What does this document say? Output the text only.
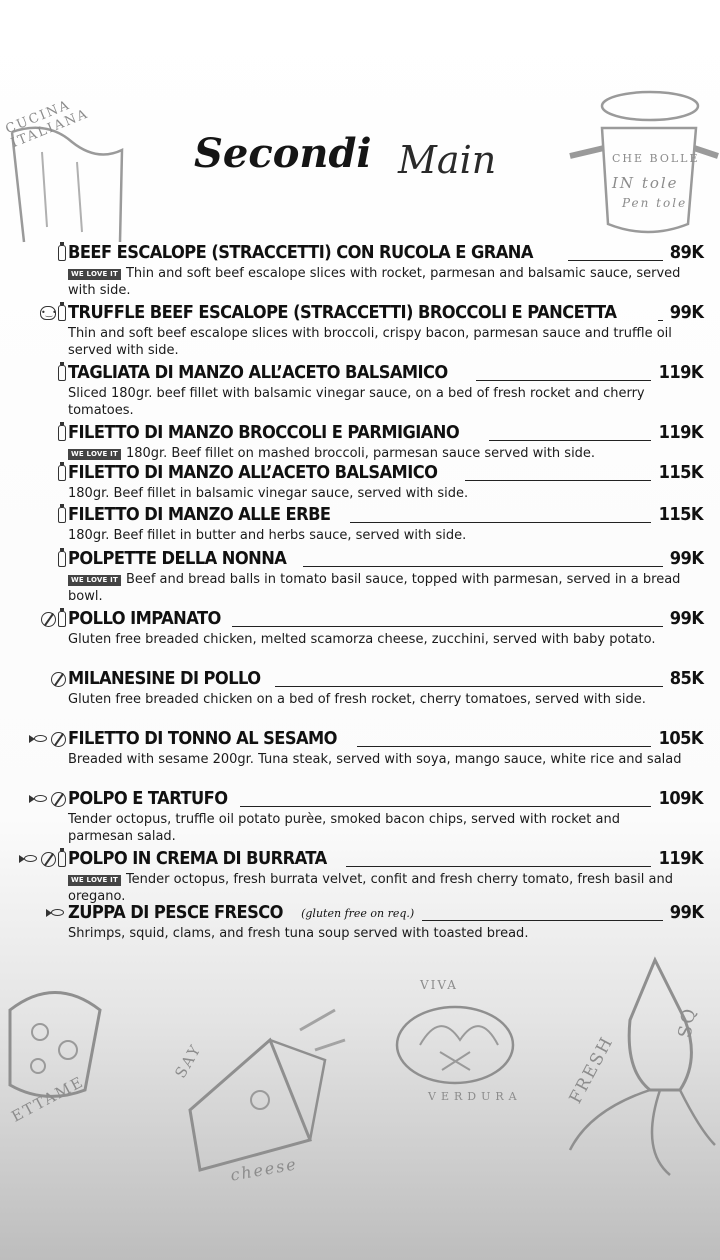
CUCINA ITALIANA
CHE BOLLE
IN tole
Pen tole
Secondi Main
BEEF ESCALOPE (STRACCETTI) CON RUCOLA E GRANA	89K
WE LOVE IT Thin and soft beef escalope slices with rocket, parmesan and balsamic sauce, served with side.
•‿• TRUFFLE BEEF ESCALOPE (STRACCETTI) BROCCOLI E PANCETTA	99K
Thin and soft beef escalope slices with broccoli, crispy bacon, parmesan sauce and truffle oil served with side.
TAGLIATA DI MANZO ALL’ACETO BALSAMICO	119K
Sliced 180gr. beef fillet with balsamic vinegar sauce, on a bed of fresh rocket and cherry tomatoes.
FILETTO DI MANZO BROCCOLI E PARMIGIANO	119K
WE LOVE IT 180gr. Beef fillet on mashed broccoli, parmesan sauce served with side.
FILETTO DI MANZO ALL’ACETO BALSAMICO	115K
180gr. Beef fillet in balsamic vinegar sauce, served with side.
FILETTO DI MANZO ALLE ERBE	115K
180gr. Beef fillet in butter and herbs sauce, served with side.
POLPETTE DELLA NONNA	99K
WE LOVE IT Beef and bread balls in tomato basil sauce, topped with parmesan, served in a bread bowl.
POLLO IMPANATO	99K
Gluten free breaded chicken, melted scamorza cheese, zucchini, served with baby potato.
MILANESINE DI POLLO	85K
Gluten free breaded chicken on a bed of fresh rocket, cherry tomatoes, served with side.
FILETTO DI TONNO AL SESAMO	105K
Breaded with sesame 200gr. Tuna steak, served with soya, mango sauce, white rice and salad
POLPO E TARTUFO	109K
Tender octopus, truffle oil potato purèe, smoked bacon chips, served with rocket and parmesan salad.
POLPO IN CREMA DI BURRATA	119K
WE LOVE IT Tender octopus, fresh burrata velvet, confit and fresh cherry tomato, fresh basil and oregano.
ZUPPA DI PESCE FRESCO (gluten free on req.)	99K
Shrimps, squid, clams, and fresh tuna soup served with toasted bread.
ETTAME
SAY
cheese
VIVA
VERDURA	FRESH
SQ
